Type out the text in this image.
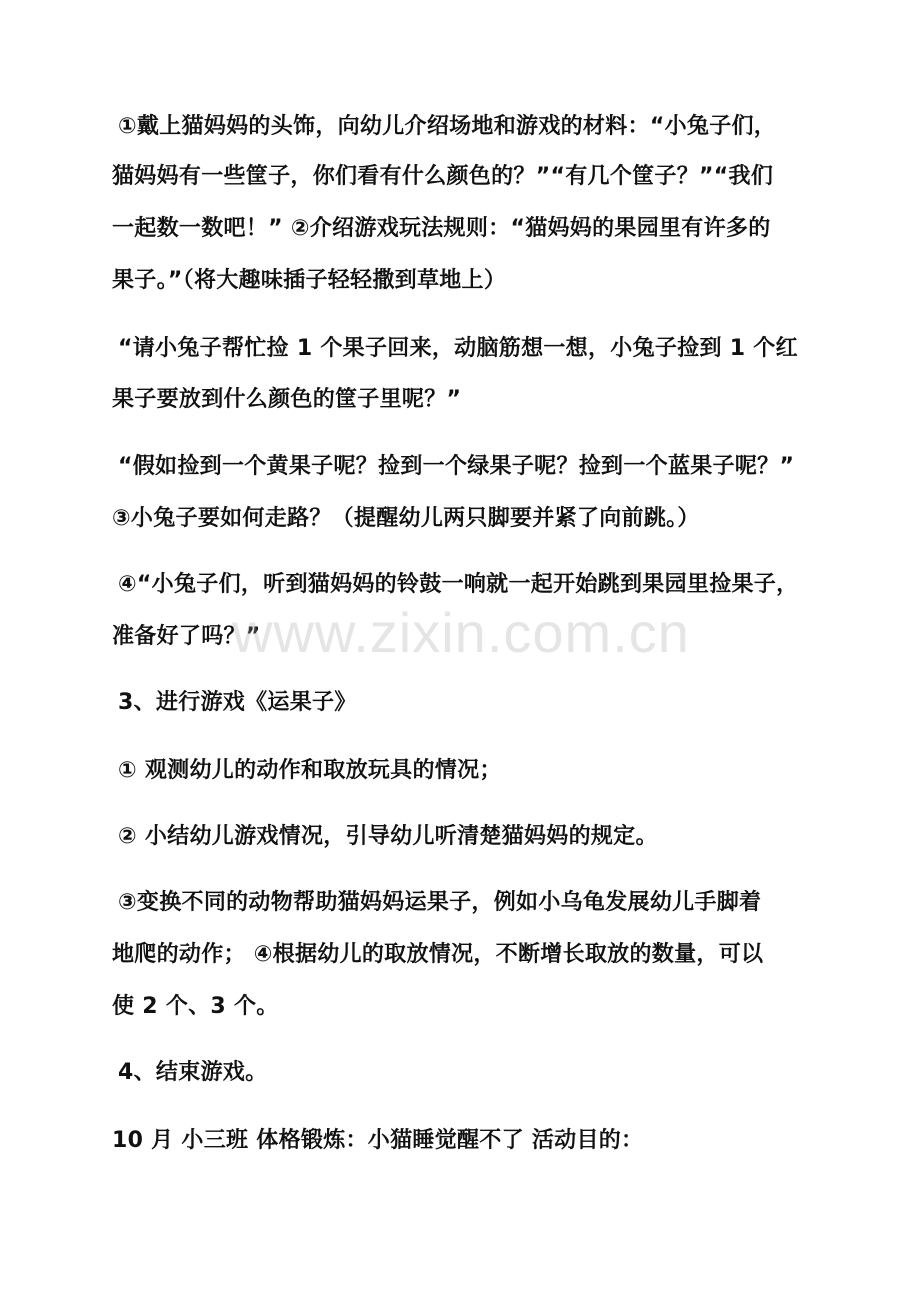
①戴上猫妈妈的头饰，向幼儿介绍场地和游戏的材料：“小兔子们，
猫妈妈有一些筐子，你们看有什么颜色的？”“有几个筐子？”“我们
一起数一数吧！” ②介绍游戏玩法规则：“猫妈妈的果园里有许多的
果子。”（将大趣味插子轻轻撒到草地上）
“请小兔子帮忙捡 1 个果子回来，动脑筋想一想，小兔子捡到 1 个红
果子要放到什么颜色的筐子里呢？”
“假如捡到一个黄果子呢？捡到一个绿果子呢？捡到一个蓝果子呢？”
③小兔子要如何走路？（提醒幼儿两只脚要并紧了向前跳。）
④“小兔子们，听到猫妈妈的铃鼓一响就一起开始跳到果园里捡果子，
准备好了吗？”
3、进行游戏《运果子》
① 观测幼儿的动作和取放玩具的情况；
② 小结幼儿游戏情况，引导幼儿听清楚猫妈妈的规定。
③变换不同的动物帮助猫妈妈运果子，例如小乌龟发展幼儿手脚着
地爬的动作； ④根据幼儿的取放情况，不断增长取放的数量，可以
使 2 个、3 个。
4、结束游戏。
10 月 小三班 体格锻炼：小猫睡觉醒不了 活动目的：
www.zixin.com.cn
